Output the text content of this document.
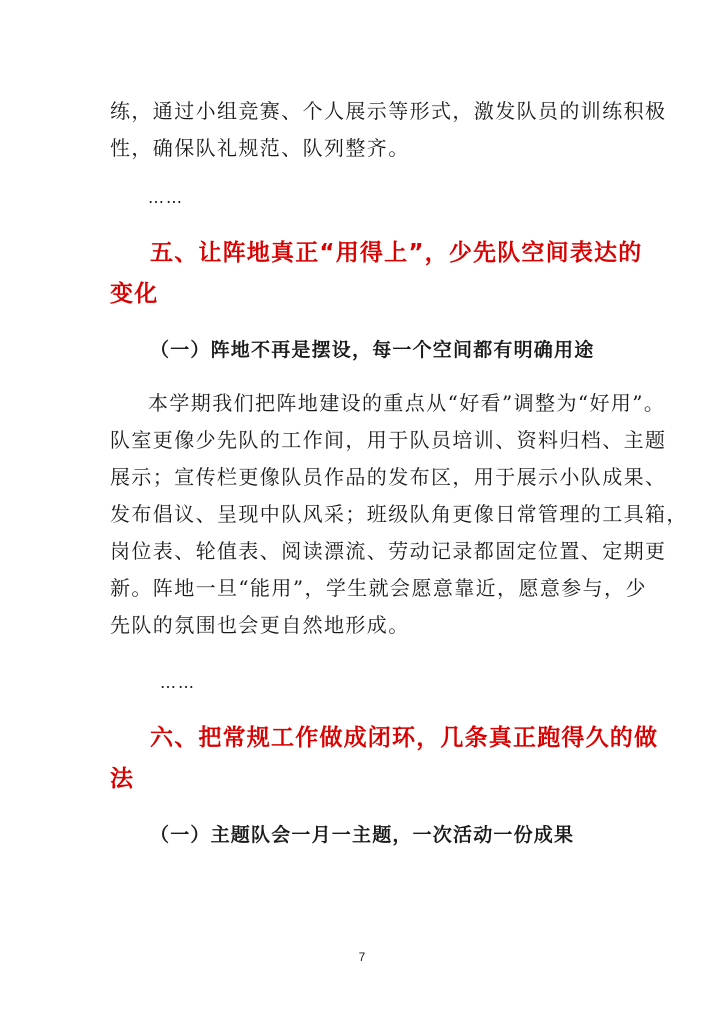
练，通过小组竞赛、个人展示等形式，激发队员的训练积极
性，确保队礼规范、队列整齐。
……
五、让阵地真正“用得上”，少先队空间表达的
变化
（一）阵地不再是摆设，每一个空间都有明确用途
本学期我们把阵地建设的重点从“好看”调整为“好用”。
队室更像少先队的工作间，用于队员培训、资料归档、主题
展示；宣传栏更像队员作品的发布区，用于展示小队成果、
发布倡议、呈现中队风采；班级队角更像日常管理的工具箱，
岗位表、轮值表、阅读漂流、劳动记录都固定位置、定期更
新。阵地一旦“能用”，学生就会愿意靠近，愿意参与，少
先队的氛围也会更自然地形成。
……
六、把常规工作做成闭环，几条真正跑得久的做
法
（一）主题队会一月一主题，一次活动一份成果
7
